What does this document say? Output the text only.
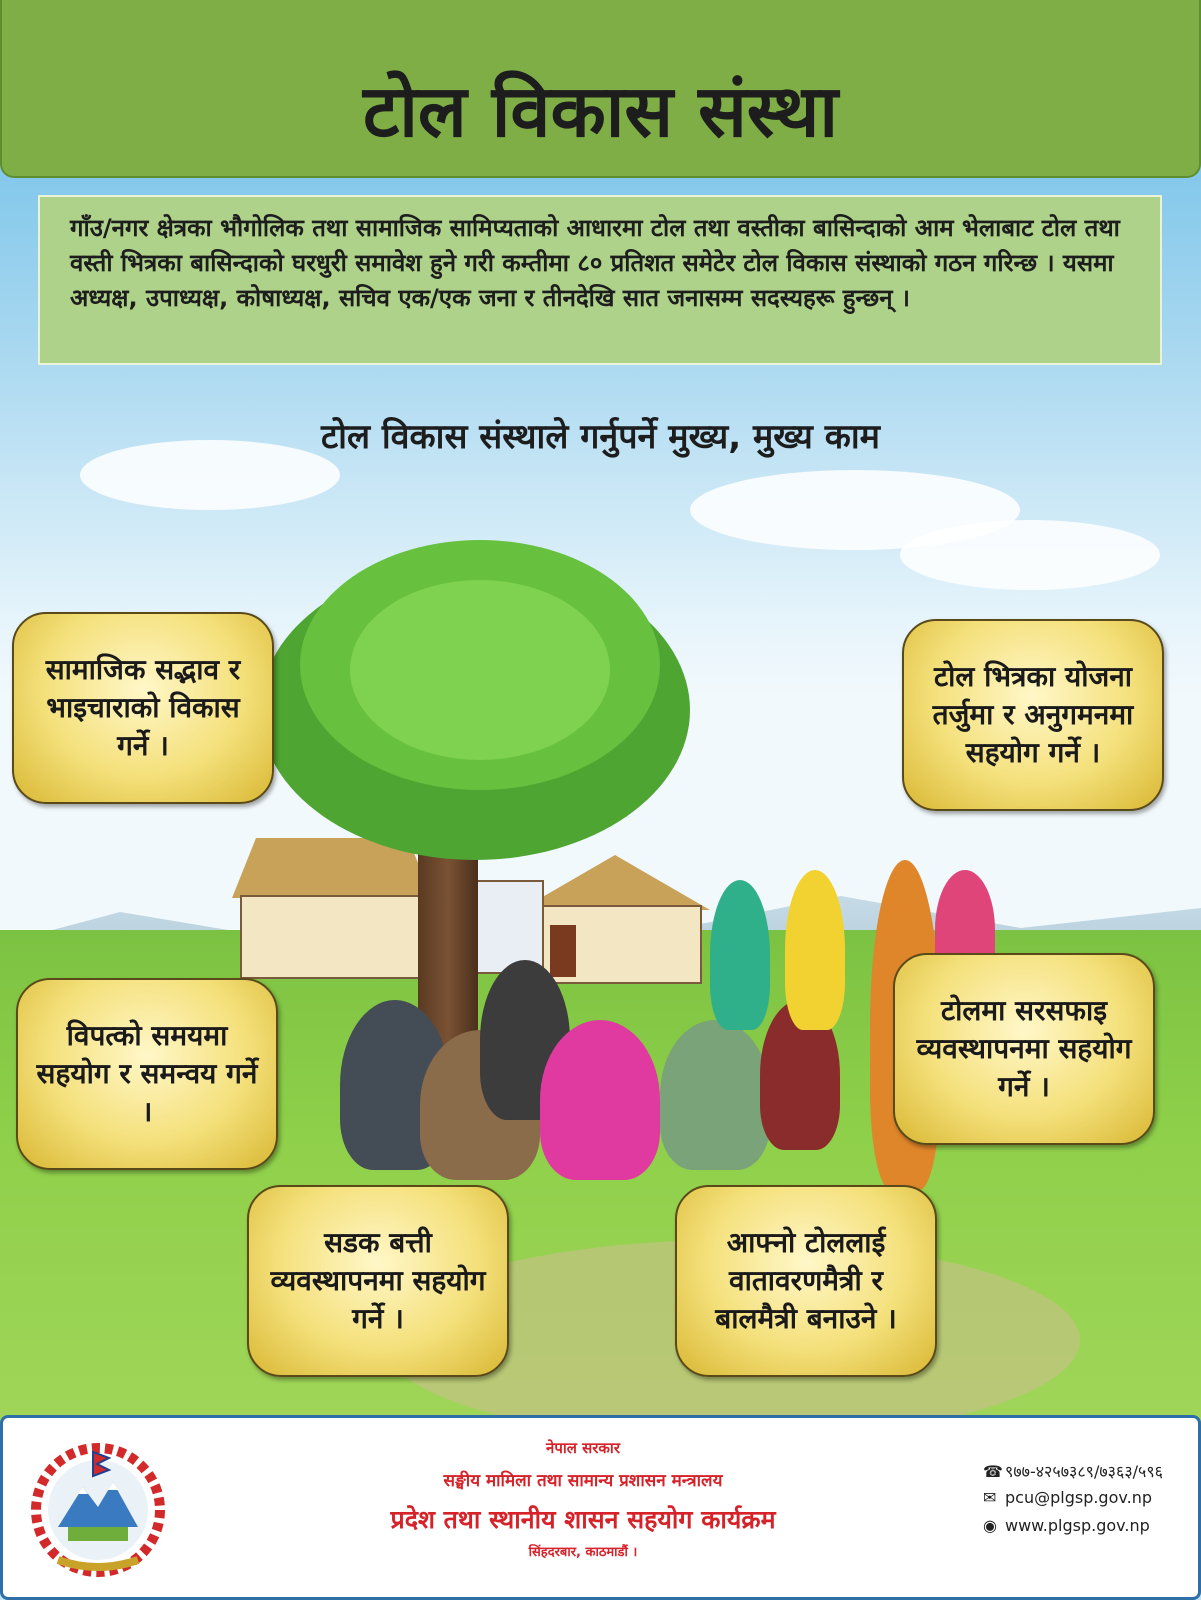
टोल विकास संस्था
गाँउ/नगर क्षेत्रका भौगोलिक तथा सामाजिक सामिप्यताको आधारमा टोल तथा वस्तीका बासिन्दाको आम भेलाबाट टोल तथा वस्ती भित्रका बासिन्दाको घरधुरी समावेश हुने गरी कम्तीमा ८० प्रतिशत समेटेर टोल विकास संस्थाको गठन गरिन्छ । यसमा अध्यक्ष, उपाध्यक्ष, कोषाध्यक्ष, सचिव एक/एक जना र तीनदेखि सात जनासम्म सदस्यहरू हुन्छन् ।
टोल विकास संस्थाले गर्नुपर्ने मुख्य, मुख्य काम
सामाजिक सद्भाव र भाइचाराको विकास गर्ने ।
टोल भित्रका योजना तर्जुमा र अनुगमनमा सहयोग गर्ने ।
विपत्को समयमा सहयोग र समन्वय गर्ने ।
टोलमा सरसफाइ व्यवस्थापनमा सहयोग गर्ने ।
सडक बत्ती व्यवस्थापनमा सहयोग गर्ने ।
आफ्नो टोललाई वातावरणमैत्री र बालमैत्री बनाउने ।
नेपाल सरकार
सङ्घीय मामिला तथा सामान्य प्रशासन मन्त्रालय
प्रदेश तथा स्थानीय शासन सहयोग कार्यक्रम
सिंहदरबार, काठमाडौं ।
☎ ९७७-४२५७३८९/७३६३/५९६
✉ pcu@plgsp.gov.np
◉ www.plgsp.gov.np
